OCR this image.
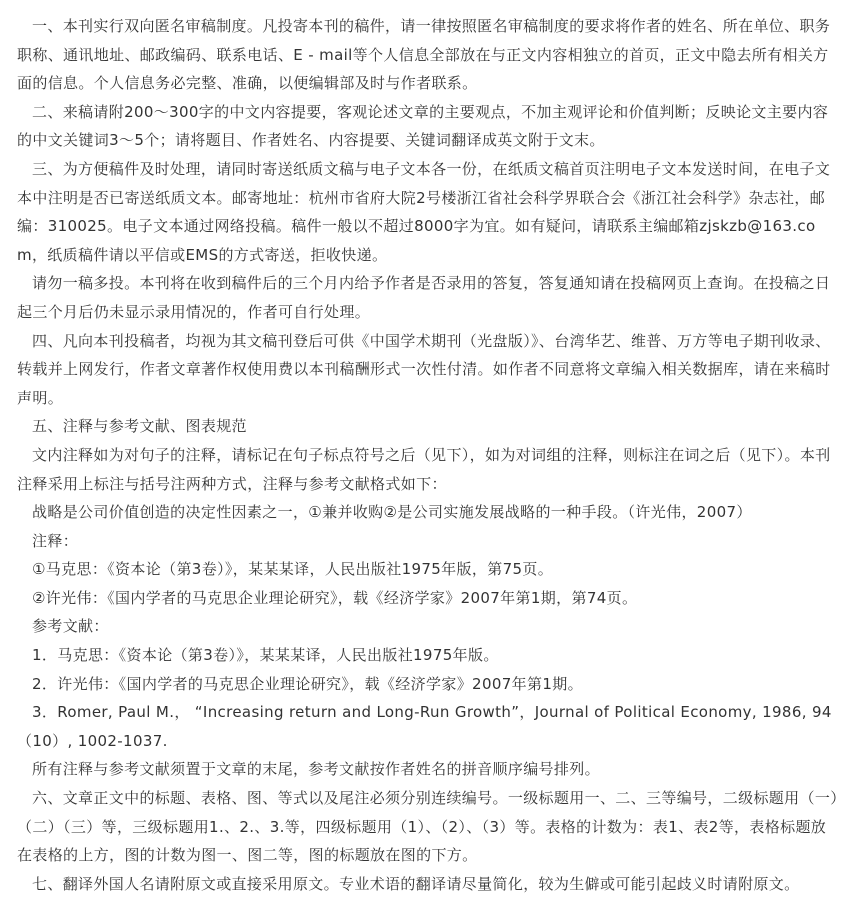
一、本刊实行双向匿名审稿制度。凡投寄本刊的稿件，请一律按照匿名审稿制度的要求将作者的姓名、所在单位、职务职称、通讯地址、邮政编码、联系电话、E - mail等个人信息全部放在与正文内容相独立的首页，正文中隐去所有相关方面的信息。个人信息务必完整、准确，以便编辑部及时与作者联系。

二、来稿请附200～300字的中文内容提要，客观论述文章的主要观点，不加主观评论和价值判断；反映论文主要内容的中文关键词3～5个；请将题目、作者姓名、内容提要、关键词翻译成英文附于文末。

三、为方便稿件及时处理，请同时寄送纸质文稿与电子文本各一份，在纸质文稿首页注明电子文本发送时间，在电子文本中注明是否已寄送纸质文本。邮寄地址：杭州市省府大院2号楼浙江省社会科学界联合会《浙江社会科学》杂志社，邮编：310025。电子文本通过网络投稿。稿件一般以不超过8000字为宜。如有疑问，请联系主编邮箱zjskzb@163.com，纸质稿件请以平信或EMS的方式寄送，拒收快递。

请勿一稿多投。本刊将在收到稿件后的三个月内给予作者是否录用的答复，答复通知请在投稿网页上查询。在投稿之日起三个月后仍未显示录用情况的，作者可自行处理。

四、凡向本刊投稿者，均视为其文稿刊登后可供《中国学术期刊（光盘版）》、台湾华艺、维普、万方等电子期刊收录、转载并上网发行，作者文章著作权使用费以本刊稿酬形式一次性付清。如作者不同意将文章编入相关数据库，请在来稿时声明。

五、注释与参考文献、图表规范

文内注释如为对句子的注释，请标记在句子标点符号之后（见下），如为对词组的注释，则标注在词之后（见下）。本刊注释采用上标注与括号注两种方式，注释与参考文献格式如下：

战略是公司价值创造的决定性因素之一，①兼并收购②是公司实施发展战略的一种手段。（许光伟，2007）

注释：

①马克思：《资本论（第3卷）》，某某某译，人民出版社1975年版，第75页。

②许光伟：《国内学者的马克思企业理论研究》，载《经济学家》2007年第1期，第74页。

参考文献：

1．马克思：《资本论（第3卷）》，某某某译，人民出版社1975年版。

2．许光伟：《国内学者的马克思企业理论研究》，载《经济学家》2007年第1期。

3．Romer, Paul M.， “Increasing return and Long-Run Growth”，Journal of Political Economy, 1986, 94（10）, 1002-1037.

所有注释与参考文献须置于文章的末尾，参考文献按作者姓名的拼音顺序编号排列。

六、文章正文中的标题、表格、图、等式以及尾注必须分别连续编号。一级标题用一、二、三等编号，二级标题用（一）（二）（三）等，三级标题用1.、2.、3.等，四级标题用（1）、（2）、（3）等。表格的计数为：表1、表2等，表格标题放在表格的上方，图的计数为图一、图二等，图的标题放在图的下方。

七、翻译外国人名请附原文或直接采用原文。专业术语的翻译请尽量简化，较为生僻或可能引起歧义时请附原文。
